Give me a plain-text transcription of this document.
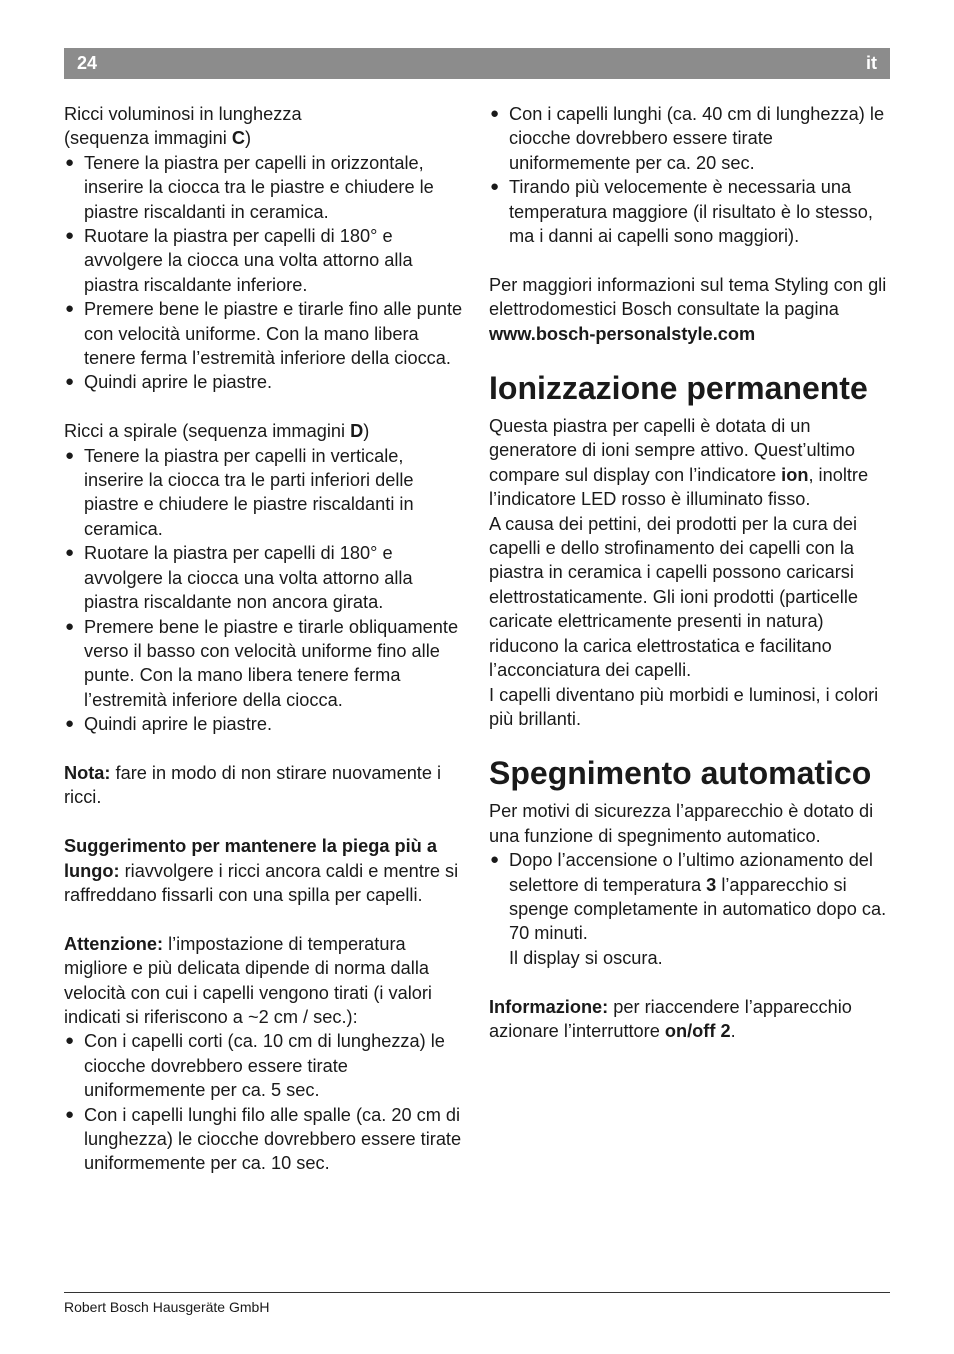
24	it

Ricci voluminosi in lunghezza
(sequenza immagini C)

● Tenere la piastra per capelli in orizzontale, inserire la ciocca tra le piastre e chiudere le piastre riscaldanti in ceramica.
● Ruotare la piastra per capelli di 180° e avvolgere la ciocca una volta attorno alla piastra riscaldante inferiore.
● Premere bene le piastre e tirarle fino alle punte con velocità uniforme. Con la mano libera tenere ferma l’estremità inferiore della ciocca.
● Quindi aprire le piastre.

Ricci a spirale (sequenza immagini D)

● Tenere la piastra per capelli in verticale, inserire la ciocca tra le parti inferiori delle piastre e chiudere le piastre riscaldanti in ceramica.
● Ruotare la piastra per capelli di 180° e avvolgere la ciocca una volta attorno alla piastra riscaldante non ancora girata.
● Premere bene le piastre e tirarle obliquamente verso il basso con velocità uniforme fino alle punte. Con la mano libera tenere ferma l’estremità inferiore della ciocca.
● Quindi aprire le piastre.

Nota: fare in modo di non stirare nuovamente i ricci.

Suggerimento per mantenere la piega più a lungo: riavvolgere i ricci ancora caldi e mentre si raffreddano fissarli con una spilla per capelli.

Attenzione: l’impostazione di temperatura migliore e più delicata dipende di norma dalla velocità con cui i capelli vengono tirati (i valori indicati si riferiscono a ~2 cm / sec.):

● Con i capelli corti (ca. 10 cm di lunghezza) le ciocche dovrebbero essere tirate uniformemente per ca. 5 sec.
● Con i capelli lunghi filo alle spalle (ca. 20 cm di lunghezza) le ciocche dovrebbero essere tirate uniformemente per ca. 10 sec.
● Con i capelli lunghi (ca. 40 cm di lunghezza) le ciocche dovrebbero essere tirate uniformemente per ca. 20 sec.
● Tirando più velocemente è necessaria una temperatura maggiore (il risultato è lo stesso, ma i danni ai capelli sono maggiori).

Per maggiori informazioni sul tema Styling con gli elettrodomestici Bosch consultate la pagina www.bosch-personalstyle.com

Ionizzazione permanente

Questa piastra per capelli è dotata di un generatore di ioni sempre attivo. Quest’ultimo compare sul display con l’indicatore ion, inoltre l’indicatore LED rosso è illuminato fisso.

A causa dei pettini, dei prodotti per la cura dei capelli e dello strofinamento dei capelli con la piastra in ceramica i capelli possono caricarsi elettrostaticamente. Gli ioni prodotti (particelle caricate elettricamente presenti in natura) riducono la carica elettrostatica e facilitano l’acconciatura dei capelli.

I capelli diventano più morbidi e luminosi, i colori più brillanti.

Spegnimento automatico

Per motivi di sicurezza l’apparecchio è dotato di una funzione di spegnimento automatico.

● Dopo l’accensione o l’ultimo azionamento del selettore di temperatura 3 l’apparecchio si spenge completamente in automatico dopo ca. 70 minuti.
Il display si oscura.

Informazione: per riaccendere l’apparecchio azionare l’interruttore on/off 2.

Robert Bosch Hausgeräte GmbH
